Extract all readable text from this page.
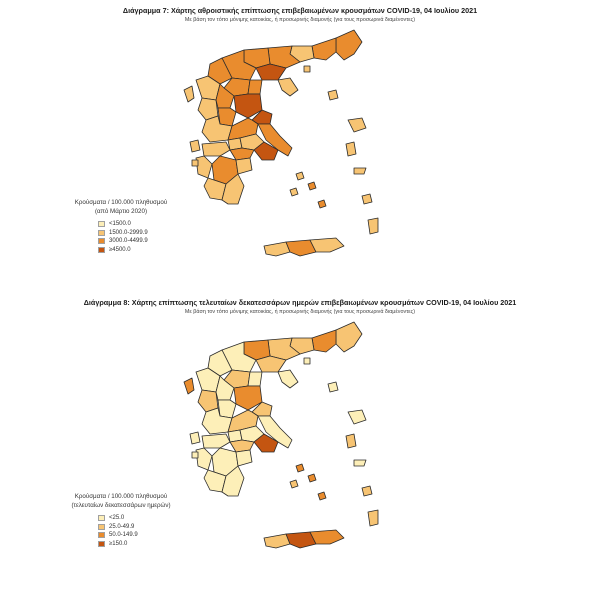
Διάγραμμα 7: Χάρτης αθροιστικής επίπτωσης επιβεβαιωμένων κρουσμάτων COVID-19, 04 Ιουλίου 2021
Με βάση τον τόπο μόνιμης κατοικίας, ή προσωρινής διαμονής (για τους προσωρινά διαμένοντες)
Κρούσματα / 100.000 πληθυσμού
(από Μάρτιο 2020)
<1500.0
1500.0-2999.9
3000.0-4499.9
≥4500.0
Διάγραμμα 8: Χάρτης επίπτωσης τελευταίων δεκατεσσάρων ημερών επιβεβαιωμένων κρουσμάτων COVID-19, 04 Ιουλίου 2021
Με βάση τον τόπο μόνιμης κατοικίας, ή προσωρινής διαμονής (για τους προσωρινά διαμένοντες)
Κρούσματα / 100.000 πληθυσμού
(τελευταίων δεκατεσσάρων ημερών)
<25.0
25.0-49.9
50.0-149.9
≥150.0
